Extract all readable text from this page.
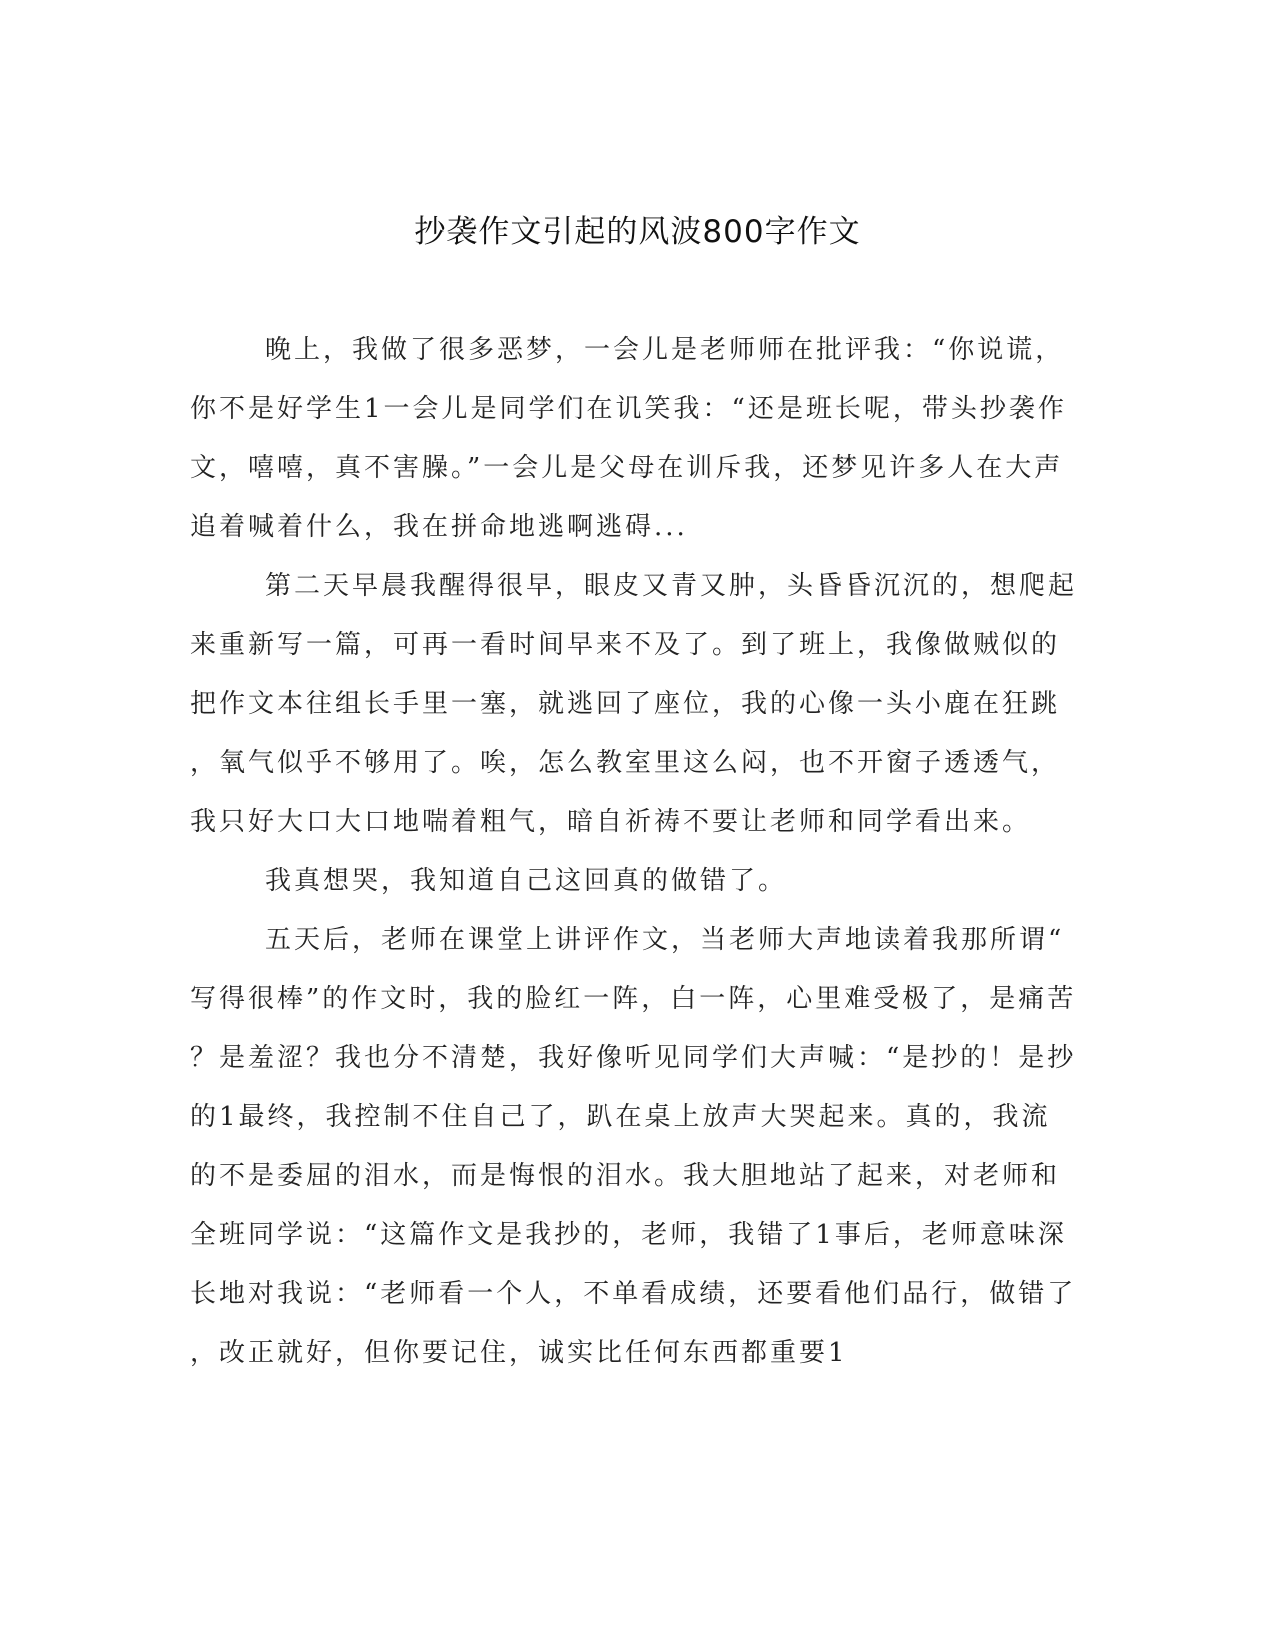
抄袭作文引起的风波800字作文
晚上，我做了很多恶梦，一会儿是老师师在批评我：“你说谎，
你不是好学生1一会儿是同学们在讥笑我：“还是班长呢，带头抄袭作
文，嘻嘻，真不害臊。”一会儿是父母在训斥我，还梦见许多人在大声
追着喊着什么，我在拼命地逃啊逃碍...
第二天早晨我醒得很早，眼皮又青又肿，头昏昏沉沉的，想爬起
来重新写一篇，可再一看时间早来不及了。到了班上，我像做贼似的
把作文本往组长手里一塞，就逃回了座位，我的心像一头小鹿在狂跳
，氧气似乎不够用了。唉，怎么教室里这么闷，也不开窗子透透气，
我只好大口大口地喘着粗气，暗自祈祷不要让老师和同学看出来。
我真想哭，我知道自己这回真的做错了。
五天后，老师在课堂上讲评作文，当老师大声地读着我那所谓“
写得很棒”的作文时，我的脸红一阵，白一阵，心里难受极了，是痛苦
？是羞涩？我也分不清楚，我好像听见同学们大声喊：“是抄的！是抄
的1最终，我控制不住自己了，趴在桌上放声大哭起来。真的，我流
的不是委屈的泪水，而是悔恨的泪水。我大胆地站了起来，对老师和
全班同学说：“这篇作文是我抄的，老师，我错了1事后，老师意味深
长地对我说：“老师看一个人，不单看成绩，还要看他们品行，做错了
，改正就好，但你要记住，诚实比任何东西都重要1
